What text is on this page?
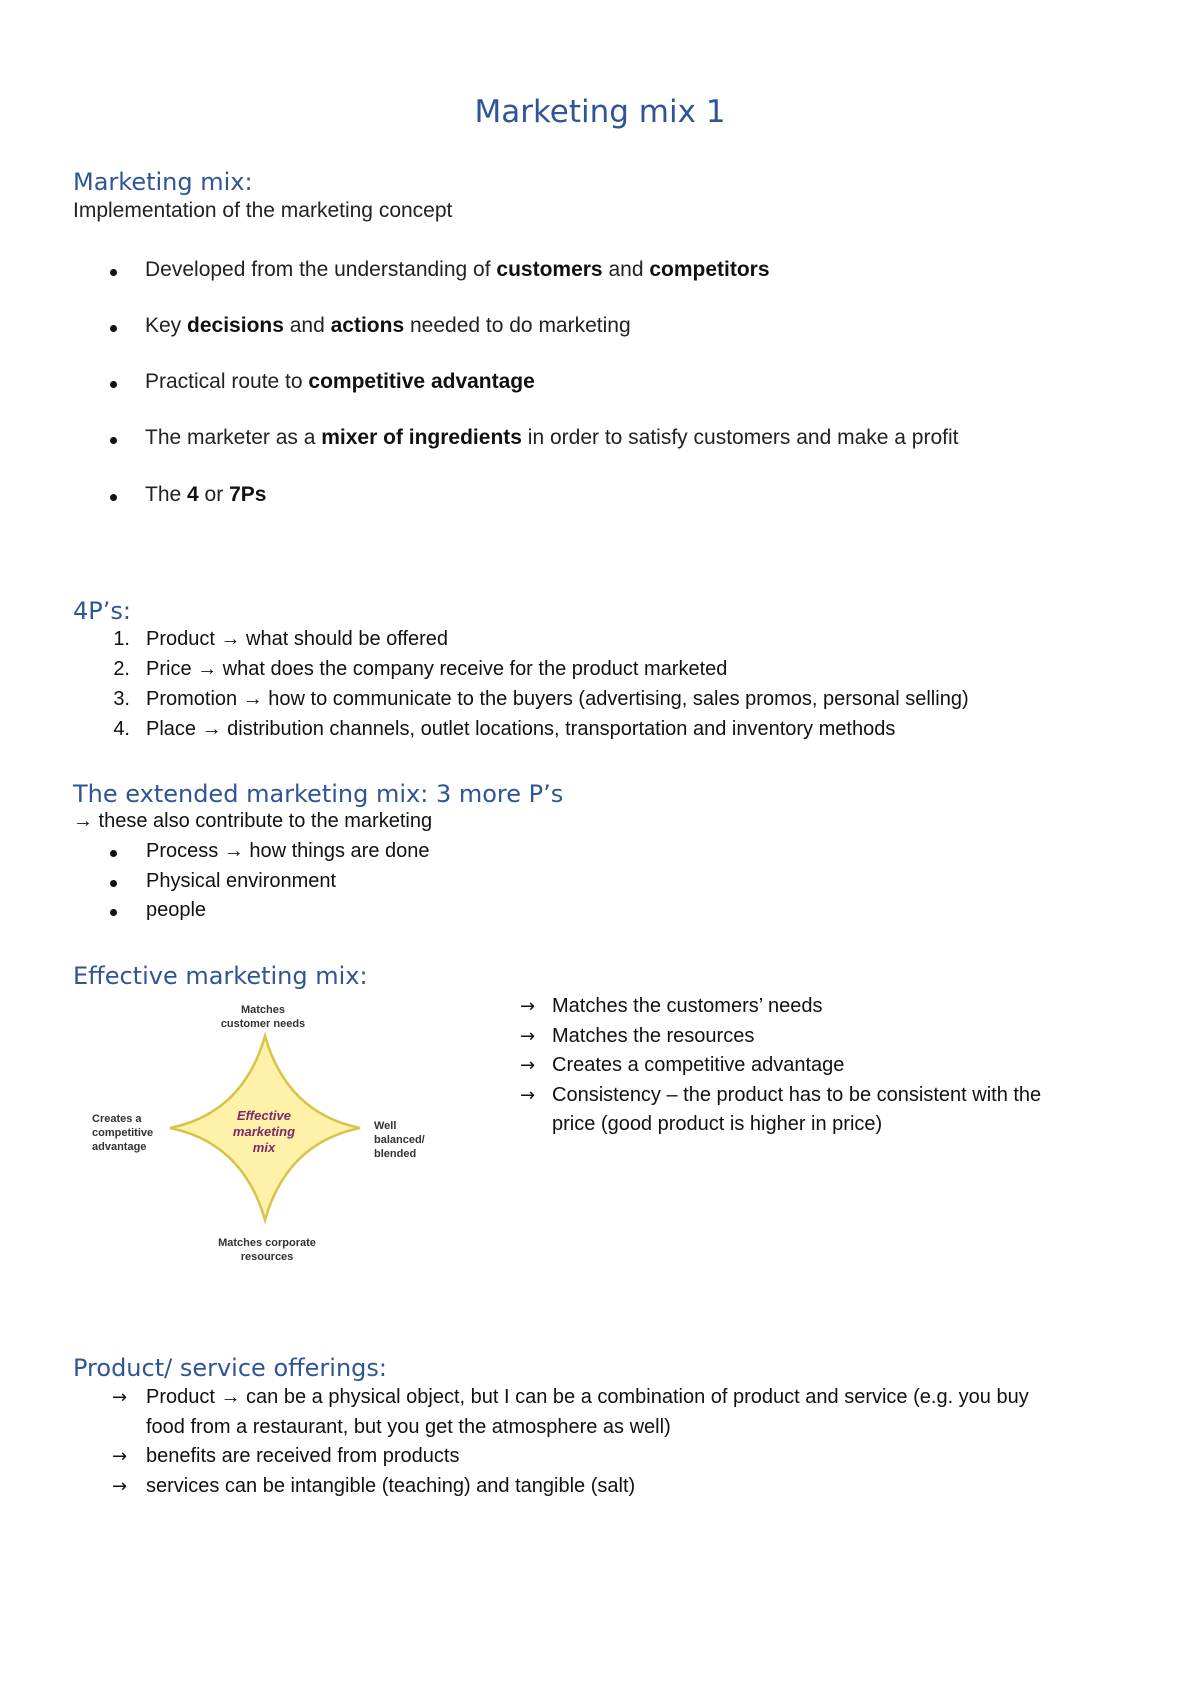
Marketing mix 1
Marketing mix:
Implementation of the marketing concept
Developed from the understanding of customers and competitors
Key decisions and actions needed to do marketing
Practical route to competitive advantage
The marketer as a mixer of ingredients in order to satisfy customers and make a profit
The 4 or 7Ps
4P’s:
1. Product → what should be offered
2. Price → what does the company receive for the product marketed
3. Promotion → how to communicate to the buyers (advertising, sales promos, personal selling)
4. Place → distribution channels, outlet locations, transportation and inventory methods
The extended marketing mix: 3 more P’s
→ these also contribute to the marketing
Process → how things are done
Physical environment
people
Effective marketing mix:
Matches
customer needs
Creates a
competitive
advantage
Well
balanced/
blended
Matches corporate
resources
Effective
marketing
mix
→ Matches the customers’ needs
→ Matches the resources
→ Creates a competitive advantage
→ Consistency – the product has to be consistent with the
price (good product is higher in price)
Product/ service offerings:
→ Product → can be a physical object, but I can be a combination of product and service (e.g. you buy
food from a restaurant, but you get the atmosphere as well)
→ benefits are received from products
→ services can be intangible (teaching) and tangible (salt)
